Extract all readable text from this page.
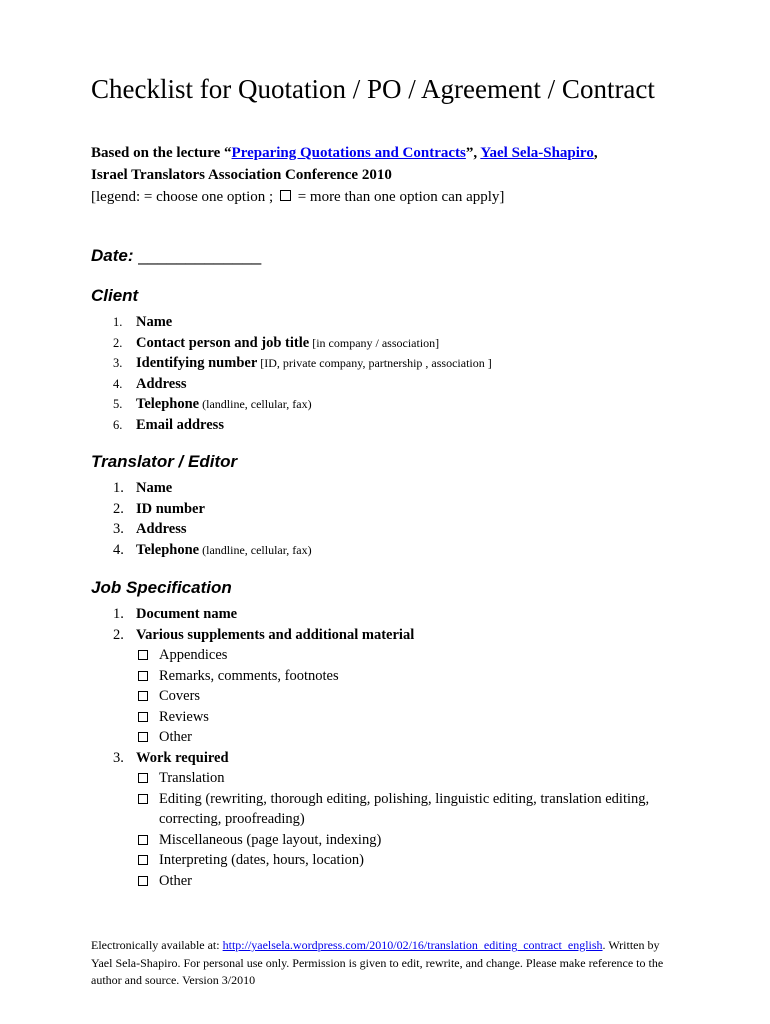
Checklist for Quotation / PO / Agreement / Contract
Based on the lecture “Preparing Quotations and Contracts”, Yael Sela-Shapiro,
Israel Translators Association Conference 2010
[legend: = choose one option ;  = more than one option can apply]
Date: _____________
Client
1. Name
2. Contact person and job title [in company / association]
3. Identifying number [ID, private company, partnership , association ]
4. Address
5. Telephone (landline, cellular, fax)
6. Email address
Translator / Editor
1. Name
2. ID number
3. Address
4. Telephone (landline, cellular, fax)
Job Specification
1. Document name
2. Various supplements and additional material
Appendices
Remarks, comments, footnotes
Covers
Reviews
Other
3. Work required
Translation
Editing (rewriting, thorough editing, polishing, linguistic editing, translation editing, correcting, proofreading)
Miscellaneous (page layout, indexing)
Interpreting (dates, hours, location)
Other
Electronically available at: http://yaelsela.wordpress.com/2010/02/16/translation_editing_contract_english. Written by Yael Sela-Shapiro. For personal use only. Permission is given to edit, rewrite, and change. Please make reference to the author and source. Version 3/2010
